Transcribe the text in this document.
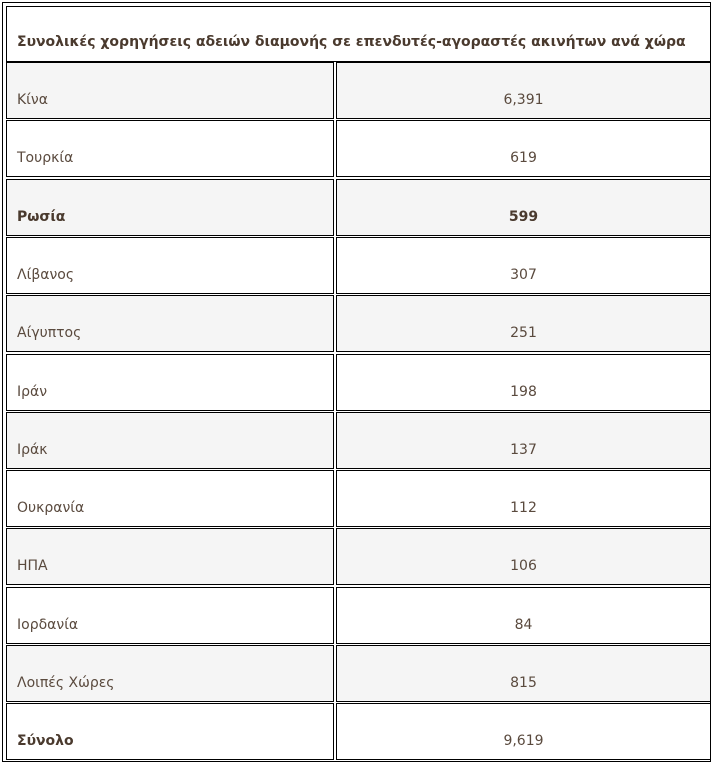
Συνολικές χορηγήσεις αδειών διαμονής σε επενδυτές-αγοραστές ακινήτων ανά χώρα
Κίνα	6,391
Τουρκία	619
Ρωσία	599
Λίβανος	307
Αίγυπτος	251
Ιράν	198
Ιράκ	137
Ουκρανία	112
ΗΠΑ	106
Ιορδανία	84
Λοιπές Χώρες	815
Σύνολο	9,619
